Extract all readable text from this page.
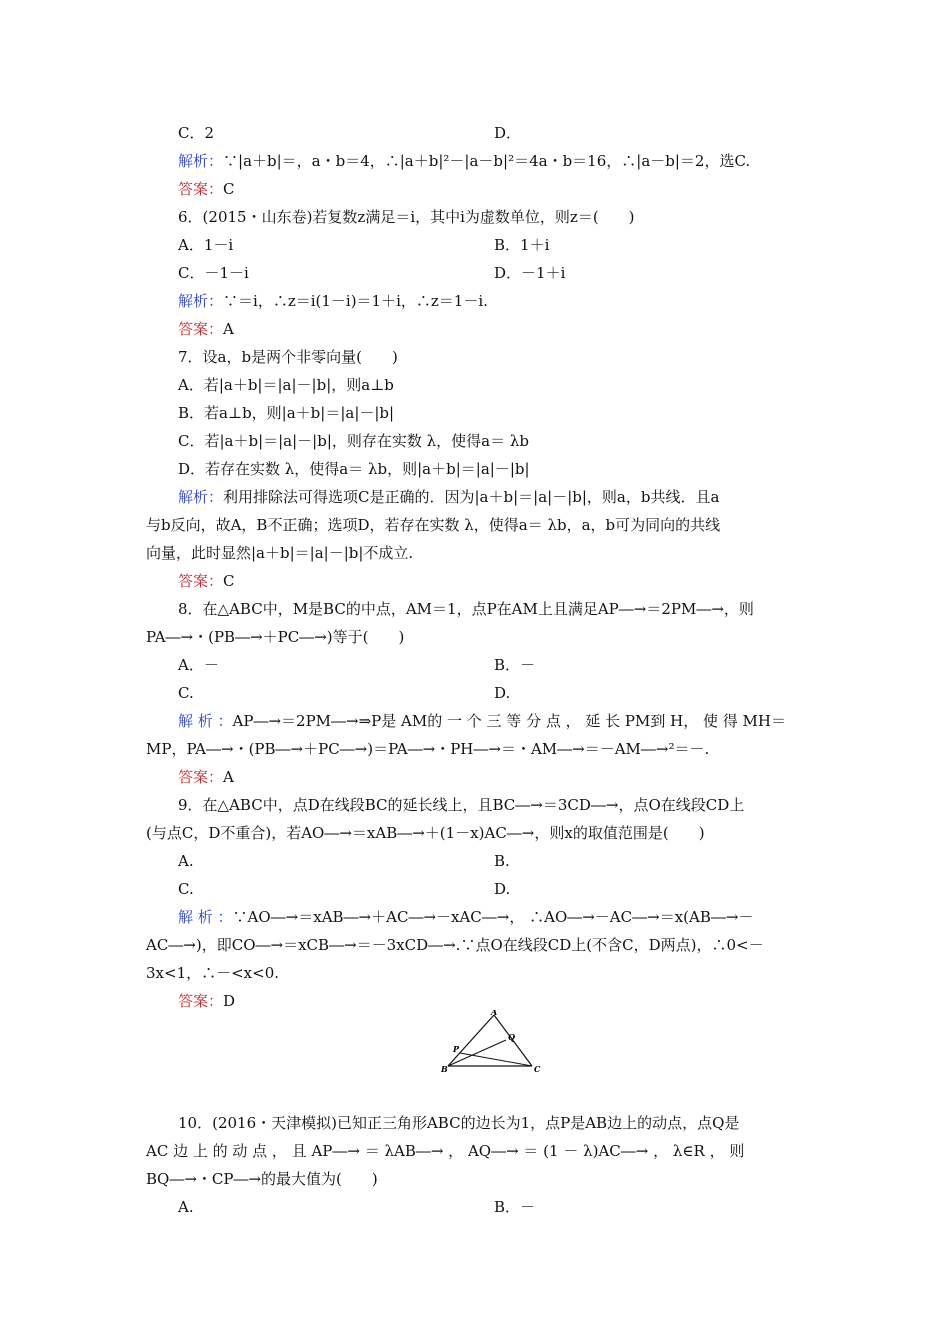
C．2	D．
解析：∵|a＋b|＝，a・b＝4，∴|a＋b|²－|a－b|²＝4a・b＝16，∴|a－b|＝2，选C.
答案：C
6．(2015・山东卷)若复数z满足＝i，其中i为虚数单位，则z＝(　　)
A．1－i	B．1＋i
C．－1－i	D．－1＋i
解析：∵＝i，∴z＝i(1－i)＝1＋i，∴z＝1－i.
答案：A
7．设a，b是两个非零向量(　　)
A．若|a＋b|＝|a|－|b|，则a⊥b
B．若a⊥b，则|a＋b|＝|a|－|b|
C．若|a＋b|＝|a|－|b|，则存在实数 λ，使得a＝ λb
D．若存在实数 λ，使得a＝ λb，则|a＋b|＝|a|－|b|
解析：利用排除法可得选项C是正确的．因为|a＋b|＝|a|－|b|，则a，b共线．且a
与b反向，故A，B不正确；选项D，若存在实数 λ，使得a＝ λb，a，b可为同向的共线
向量，此时显然|a＋b|＝|a|－|b|不成立.
答案：C
8．在△ABC中，M是BC的中点，AM＝1，点P在AM上且满足AP―→＝2PM―→，则
PA―→・(PB―→＋PC―→)等于(　　)
A．－	B．－
C.	D.
解 析 ：AP―→＝2PM―→⇒P是 AM的 一 个 三 等 分 点 ， 延 长 PM到 H， 使 得 MH＝
MP，PA―→・(PB―→＋PC―→)＝PA―→・PH―→＝・AM―→＝－AM―→²＝－.
答案：A
9．在△ABC中，点D在线段BC的延长线上，且BC―→＝3CD―→，点O在线段CD上
(与点C，D不重合)，若AO―→＝xAB―→＋(1－x)AC―→，则x的取值范围是(　　)
A.	B.
C.	D.
解 析 ：∵AO―→＝xAB―→＋AC―→－xAC―→， ∴AO―→－AC―→＝x(AB―→－
AC―→)，即CO―→＝xCB―→＝－3xCD―→.∵点O在线段CD上(不含C，D两点)，∴0<－
3x<1，∴－<x<0.
答案：D
10．(2016・天津模拟)已知正三角形ABC的边长为1，点P是AB边上的动点，点Q是
AC 边 上 的 动 点 ， 且 AP―→ ＝ λAB―→ ， AQ―→ ＝ (1 － λ)AC―→ ， λ∈R ， 则
BQ―→・CP―→的最大值为(　　)
A.	B．－
A
Q
P
B	C
